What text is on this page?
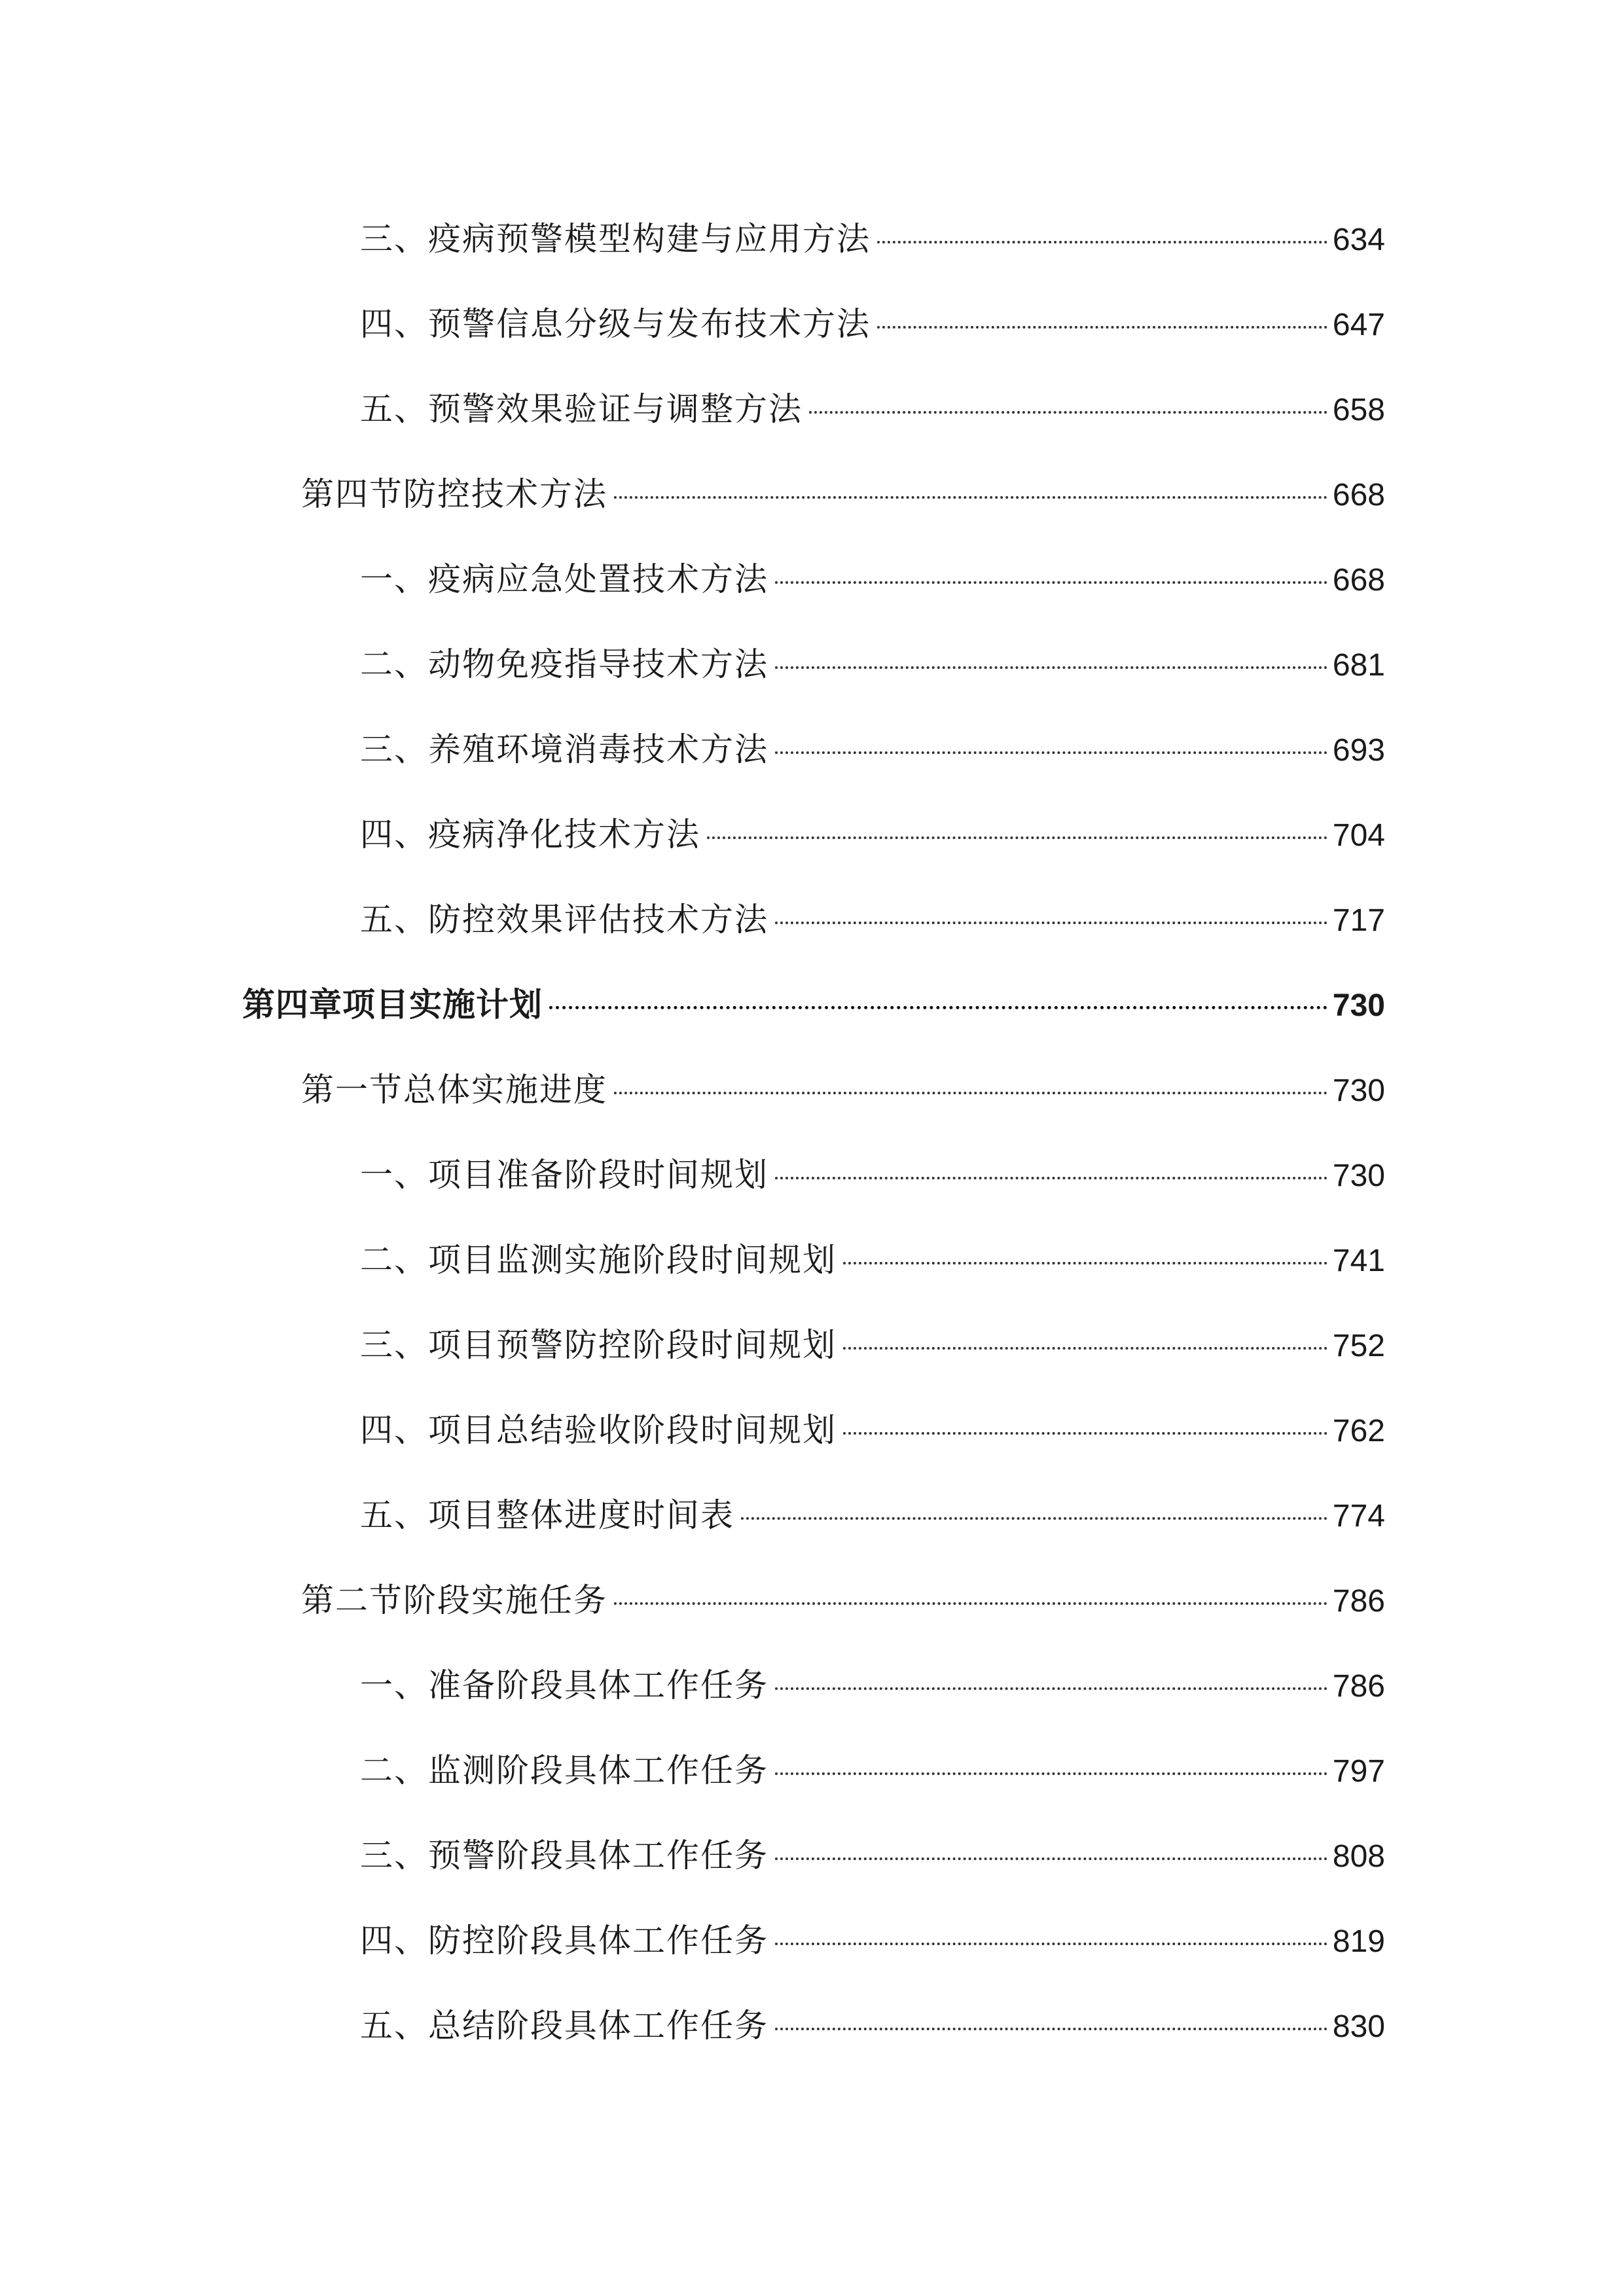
三、疫病预警模型构建与应用方法	634
四、预警信息分级与发布技术方法	647
五、预警效果验证与调整方法	658
第四节防控技术方法	668
一、疫病应急处置技术方法	668
二、动物免疫指导技术方法	681
三、养殖环境消毒技术方法	693
四、疫病净化技术方法	704
五、防控效果评估技术方法	717
第四章项目实施计划	730
第一节总体实施进度	730
一、项目准备阶段时间规划	730
二、项目监测实施阶段时间规划	741
三、项目预警防控阶段时间规划	752
四、项目总结验收阶段时间规划	762
五、项目整体进度时间表	774
第二节阶段实施任务	786
一、准备阶段具体工作任务	786
二、监测阶段具体工作任务	797
三、预警阶段具体工作任务	808
四、防控阶段具体工作任务	819
五、总结阶段具体工作任务	830
